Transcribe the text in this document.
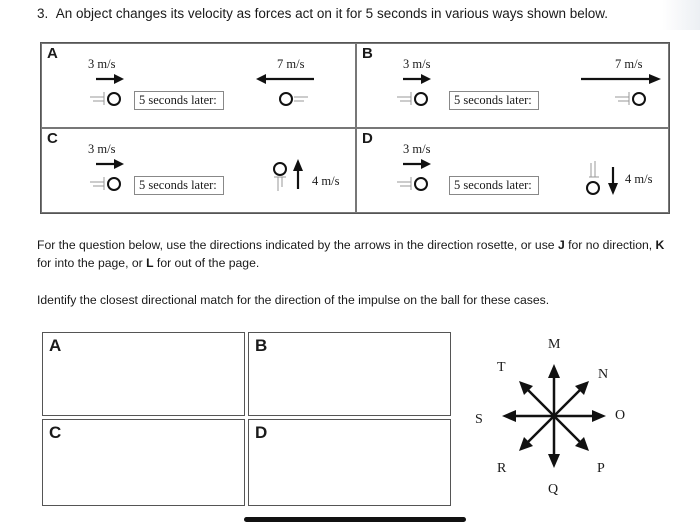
3. An object changes its velocity as forces act on it for 5 seconds in various ways shown below.
A
3 m/s
5 seconds later:
7 m/s
B
3 m/s
5 seconds later:
7 m/s
C
3 m/s
5 seconds later:	4 m/s
D
3 m/s
5 seconds later:	4 m/s
For the question below, use the directions indicated by the arrows in the direction rosette, or use J for no direction, K for into the page, or L for out of the page.
Identify the closest directional match for the direction of the impulse on the ball for these cases.
A	B
C	D
M
N
O
P
Q
R
S
T
